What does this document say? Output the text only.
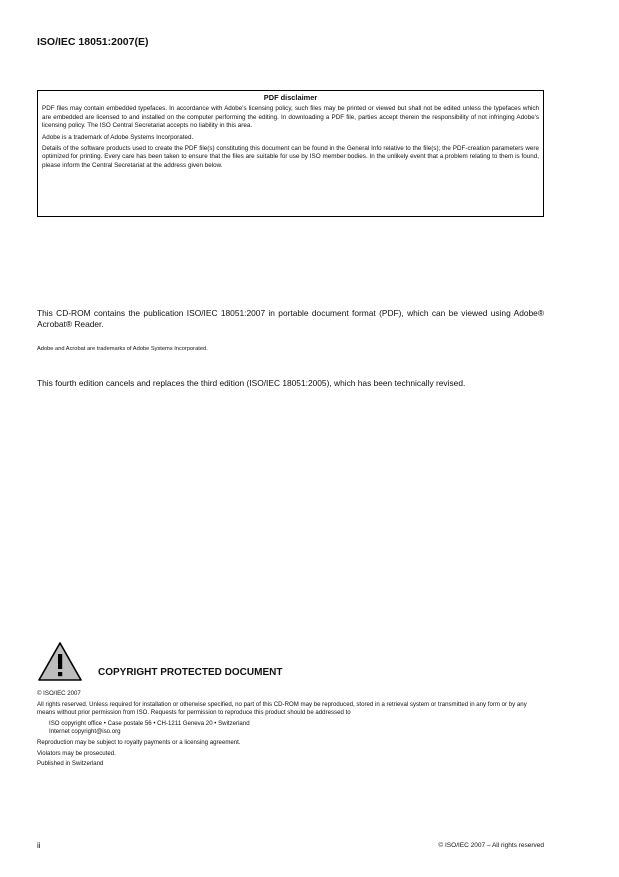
ISO/IEC 18051:2007(E)
PDF disclaimer

PDF files may contain embedded typefaces. In accordance with Adobe's licensing policy, such files may be printed or viewed but shall not be edited unless the typefaces which are embedded are licensed to and installed on the computer performing the editing. In downloading a PDF file, parties accept therein the responsibility of not infringing Adobe's licensing policy. The ISO Central Secretariat accepts no liability in this area.

Adobe is a trademark of Adobe Systems Incorporated.

Details of the software products used to create the PDF file(s) constituting this document can be found in the General Info relative to the file(s); the PDF-creation parameters were optimized for printing. Every care has been taken to ensure that the files are suitable for use by ISO member bodies. In the unlikely event that a problem relating to them is found, please inform the Central Secretariat at the address given below.

This CD-ROM contains the publication ISO/IEC 18051:2007 in portable document format (PDF), which can be viewed using Adobe® Acrobat® Reader.
Adobe and Acrobat are trademarks of Adobe Systems Incorporated.
This fourth edition cancels and replaces the third edition (ISO/IEC 18051:2005), which has been technically revised.
COPYRIGHT PROTECTED DOCUMENT

© ISO/IEC 2007

All rights reserved. Unless required for installation or otherwise specified, no part of this CD-ROM may be reproduced, stored in a retrieval system or transmitted in any form or by any means without prior permission from ISO. Requests for permission to reproduce this product should be addressed to

ISO copyright office • Case postale 56 • CH-1211 Geneva 20 • Switzerland

Internet copyright@iso.org

Reproduction may be subject to royalty payments or a licensing agreement.

Violators may be prosecuted.

Published in Switzerland

ii	© ISO/IEC 2007 – All rights reserved
